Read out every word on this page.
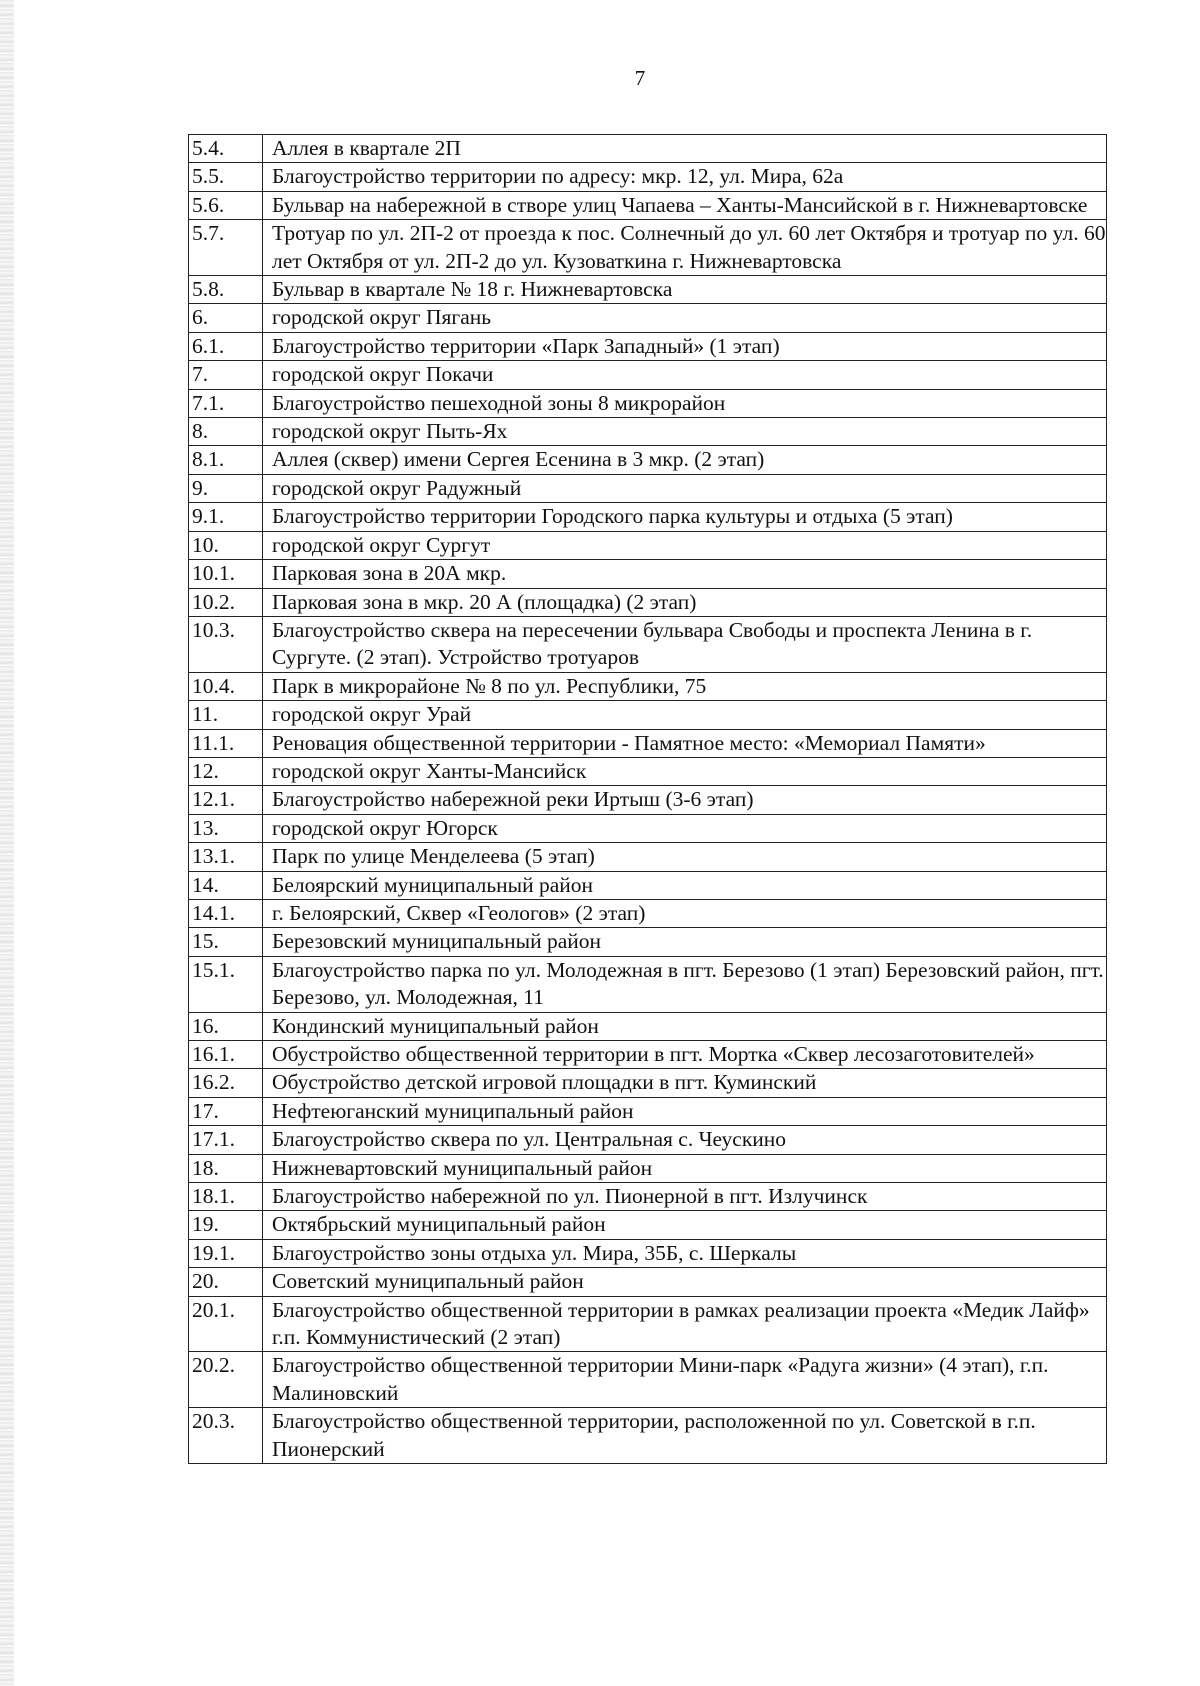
7
5.4.	Аллея в квартале 2П
5.5.	Благоустройство территории по адресу: мкр. 12, ул. Мира, 62а
5.6.	Бульвар на набережной в створе улиц Чапаева – Ханты-Мансийской в г. Нижневартовске
5.7.	Тротуар по ул. 2П-2 от проезда к пос. Солнечный до ул. 60 лет Октября и тротуар по ул. 60 лет Октября от ул. 2П-2 до ул. Кузоваткина г. Нижневартовска
5.8.	Бульвар в квартале № 18 г. Нижневартовска
6.	городской округ Пягань
6.1.	Благоустройство территории «Парк Западный» (1 этап)
7.	городской округ Покачи
7.1.	Благоустройство пешеходной зоны 8 микрорайон
8.	городской округ Пыть-Ях
8.1.	Аллея (сквер) имени Сергея Есенина в 3 мкр. (2 этап)
9.	городской округ Радужный
9.1.	Благоустройство территории Городского парка культуры и отдыха (5 этап)
10.	городской округ Сургут
10.1.	Парковая зона в 20А мкр.
10.2.	Парковая зона в мкр. 20 А (площадка) (2 этап)
10.3.	Благоустройство сквера на пересечении бульвара Свободы и проспекта Ленина в г. Сургуте. (2 этап). Устройство тротуаров
10.4.	Парк в микрорайоне № 8 по ул. Республики, 75
11.	городской округ Урай
11.1.	Реновация общественной территории - Памятное место: «Мемориал Памяти»
12.	городской округ Ханты-Мансийск
12.1.	Благоустройство набережной реки Иртыш (3-6 этап)
13.	городской округ Югорск
13.1.	Парк по улице Менделеева (5 этап)
14.	Белоярский муниципальный район
14.1.	г. Белоярский, Сквер «Геологов» (2 этап)
15.	Березовский муниципальный район
15.1.	Благоустройство парка по ул. Молодежная в пгт. Березово (1 этап) Березовский район, пгт. Березово, ул. Молодежная, 11
16.	Кондинский муниципальный район
16.1.	Обустройство общественной территории в пгт. Мортка «Сквер лесозаготовителей»
16.2.	Обустройство детской игровой площадки в пгт. Куминский
17.	Нефтеюганский муниципальный район
17.1.	Благоустройство сквера по ул. Центральная с. Чеускино
18.	Нижневартовский муниципальный район
18.1.	Благоустройство набережной по ул. Пионерной в пгт. Излучинск
19.	Октябрьский муниципальный район
19.1.	Благоустройство зоны отдыха ул. Мира, 35Б, с. Шеркалы
20.	Советский муниципальный район
20.1.	Благоустройство общественной территории в рамках реализации проекта «Медик Лайф» г.п. Коммунистический (2 этап)
20.2.	Благоустройство общественной территории Мини-парк «Радуга жизни» (4 этап), г.п. Малиновский
20.3.	Благоустройство общественной территории, расположенной по ул. Советской в г.п. Пионерский
